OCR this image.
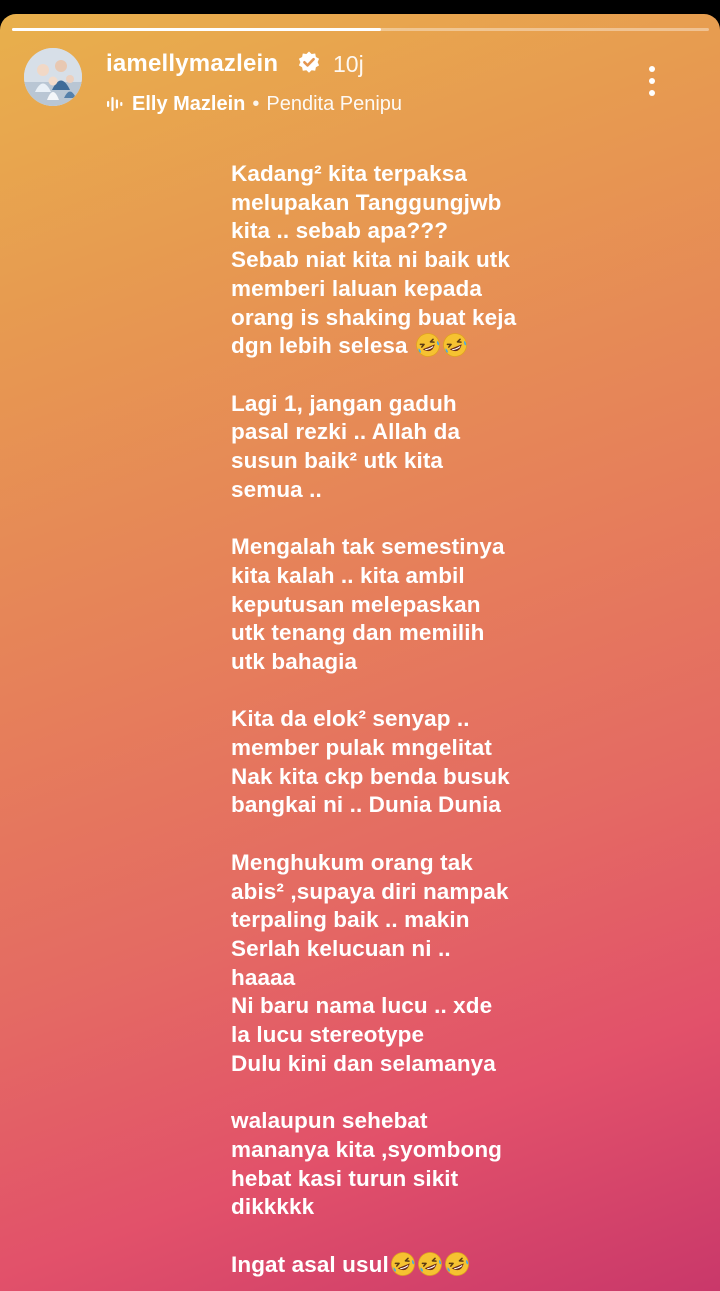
iamellymazlein 10j
Elly Mazlein • Pendita Penipu
Kadang² kita terpaksa
melupakan Tanggungjwb
kita .. sebab apa???
Sebab niat kita ni baik utk
memberi laluan kepada
orang is shaking buat keja
dgn lebih selesa
Lagi 1, jangan gaduh
pasal rezki .. Allah da
susun baik² utk kita
semua ..
Mengalah tak semestinya
kita kalah .. kita ambil
keputusan melepaskan
utk tenang dan memilih
utk bahagia
Kita da elok² senyap ..
member pulak mngelitat
Nak kita ckp benda busuk
bangkai ni .. Dunia Dunia
Menghukum orang tak
abis² ,supaya diri nampak
terpaling baik .. makin
Serlah kelucuan ni ..
haaaa
Ni baru nama lucu .. xde
la lucu stereotype
Dulu kini dan selamanya
walaupun sehebat
mananya kita ,syombong
hebat kasi turun sikit
dikkkkk
Ingat asal usul
